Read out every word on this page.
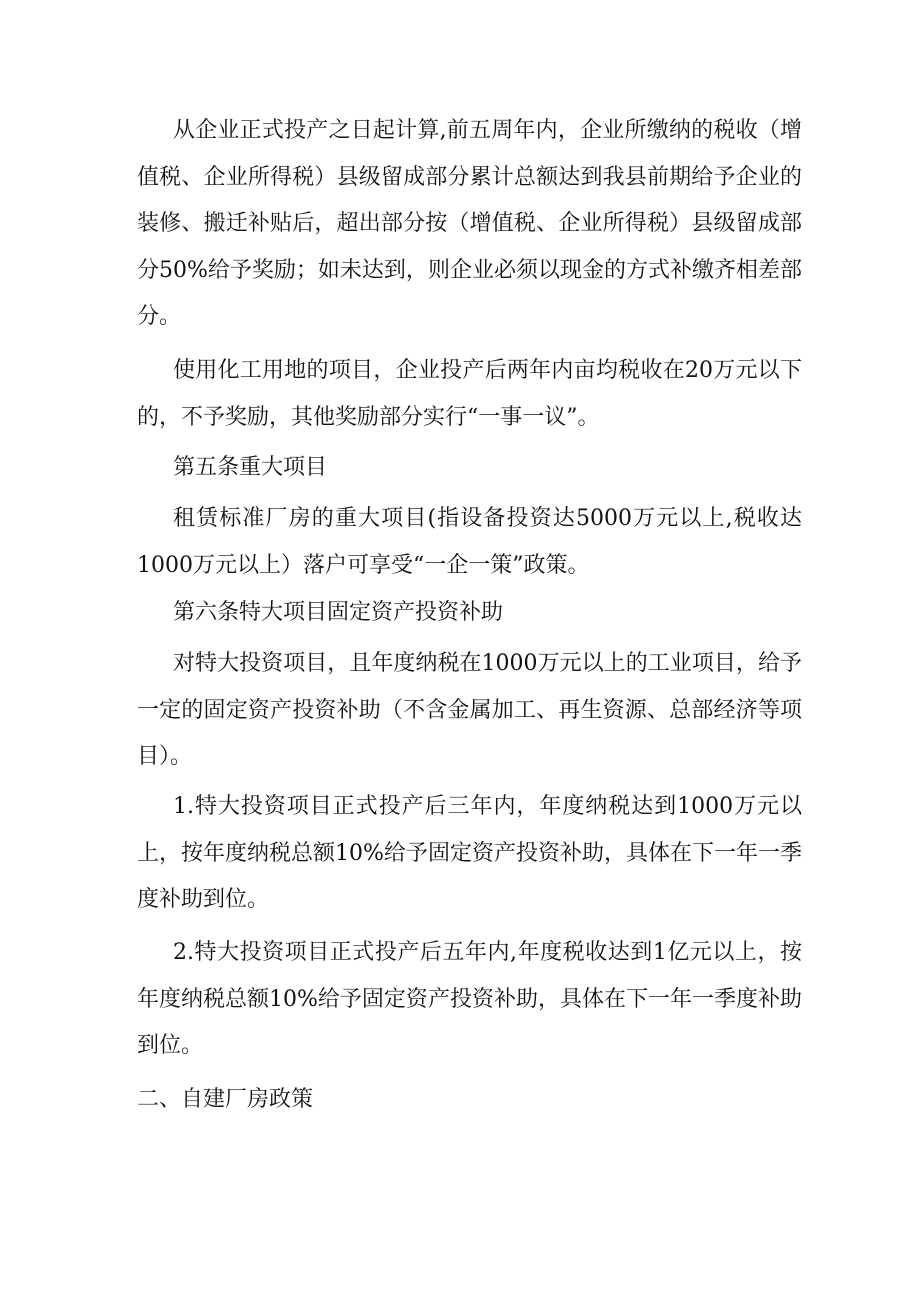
从企业正式投产之日起计算,前五周年内，企业所缴纳的税收（增值税、企业所得税）县级留成部分累计总额达到我县前期给予企业的装修、搬迁补贴后，超出部分按（增值税、企业所得税）县级留成部分50%给予奖励；如未达到，则企业必须以现金的方式补缴齐相差部分。

使用化工用地的项目，企业投产后两年内亩均税收在20万元以下的，不予奖励，其他奖励部分实行“一事一议”。

第五条重大项目

租赁标准厂房的重大项目(指设备投资达5000万元以上,税收达1000万元以上）落户可享受“一企一策”政策。

第六条特大项目固定资产投资补助

对特大投资项目，且年度纳税在1000万元以上的工业项目，给予一定的固定资产投资补助（不含金属加工、再生资源、总部经济等项目）。

1.特大投资项目正式投产后三年内，年度纳税达到1000万元以上，按年度纳税总额10%给予固定资产投资补助，具体在下一年一季度补助到位。

2.特大投资项目正式投产后五年内,年度税收达到1亿元以上，按年度纳税总额10%给予固定资产投资补助，具体在下一年一季度补助到位。

二、自建厂房政策
